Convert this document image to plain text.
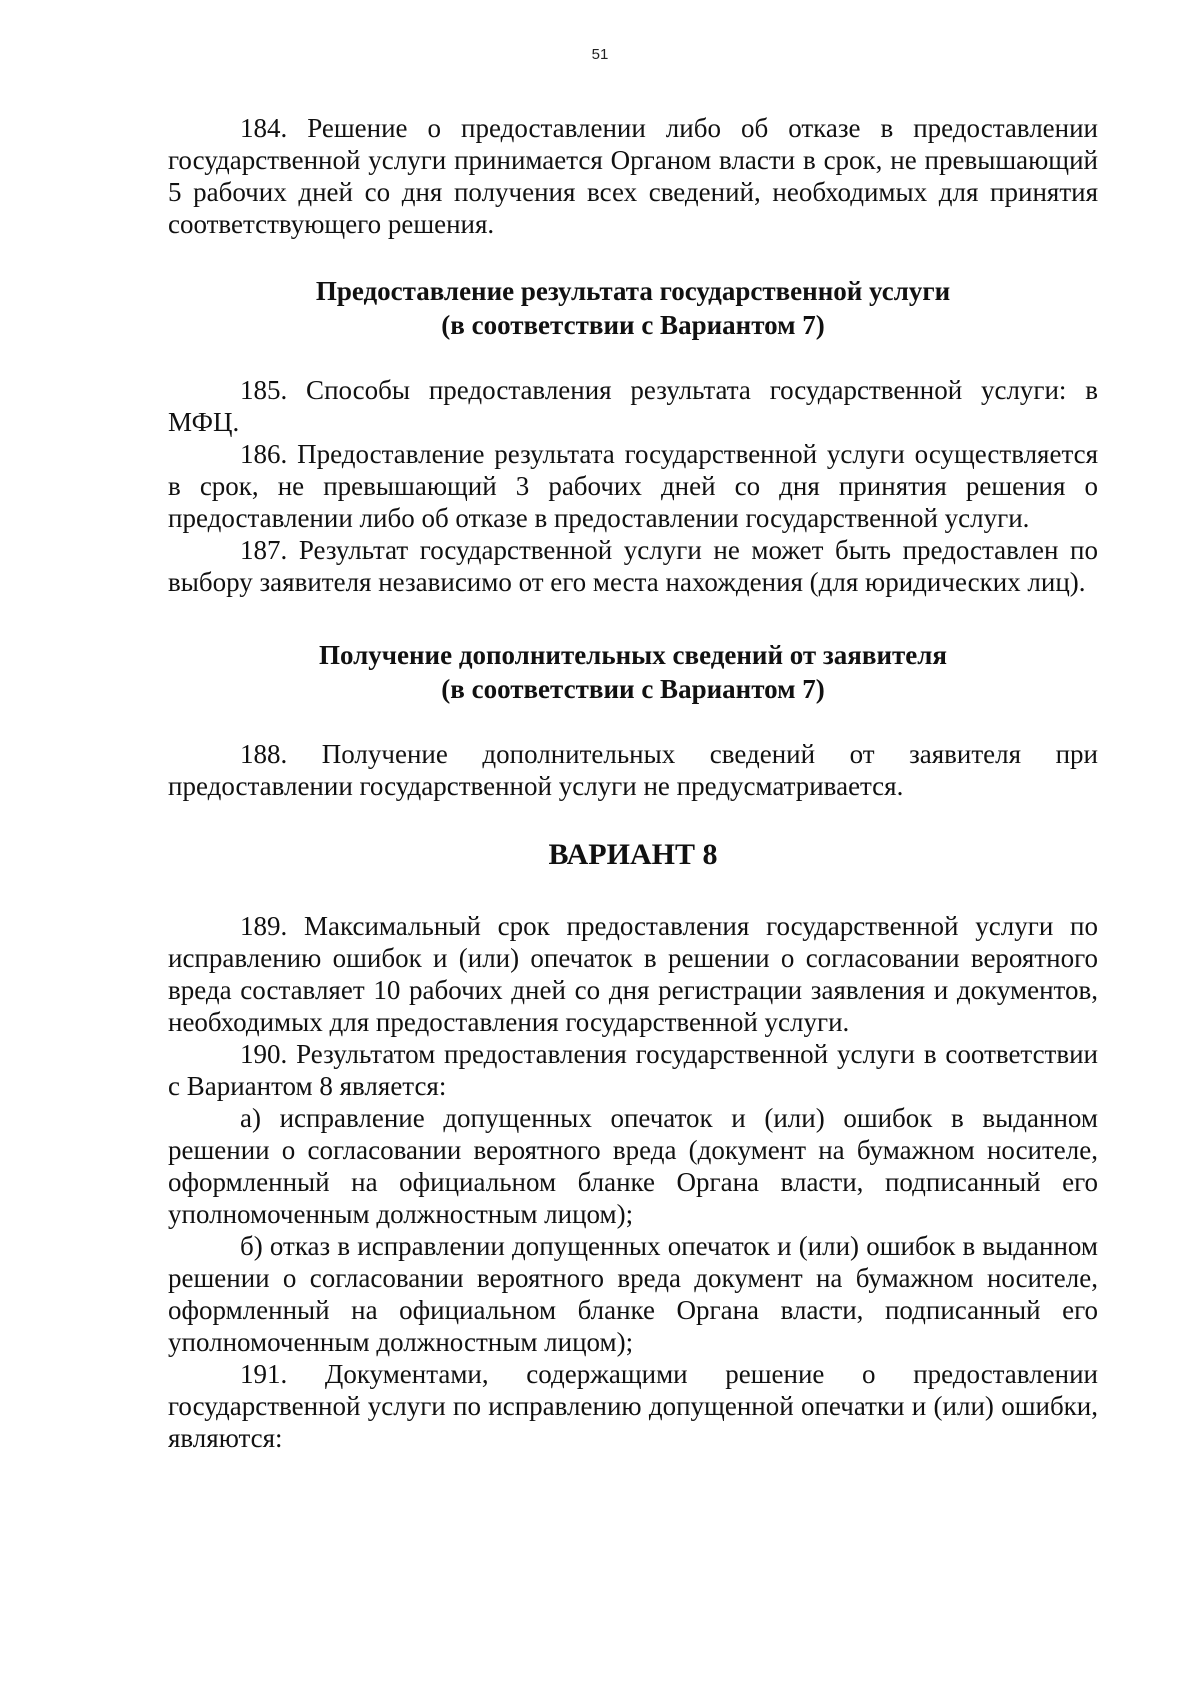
51

184. Решение о предоставлении либо об отказе в предоставлении государственной услуги принимается Органом власти в срок, не превышающий 5 рабочих дней со дня получения всех сведений, необходимых для принятия соответствующего решения.

Предоставление результата государственной услуги

(в соответствии с Вариантом 7)

185. Способы предоставления результата государственной услуги: в МФЦ.

186. Предоставление результата государственной услуги осуществляется в срок, не превышающий 3 рабочих дней со дня принятия решения о предоставлении либо об отказе в предоставлении государственной услуги.

187. Результат государственной услуги не может быть предоставлен по выбору заявителя независимо от его места нахождения (для юридических лиц).

Получение дополнительных сведений от заявителя

(в соответствии с Вариантом 7)

188. Получение дополнительных сведений от заявителя при предоставлении государственной услуги не предусматривается.

ВАРИАНТ 8

189. Максимальный срок предоставления государственной услуги по исправлению ошибок и (или) опечаток в решении о согласовании вероятного вреда составляет 10 рабочих дней со дня регистрации заявления и документов, необходимых для предоставления государственной услуги.

190. Результатом предоставления государственной услуги в соответствии с Вариантом 8 является:

а) исправление допущенных опечаток и (или) ошибок в выданном решении о согласовании вероятного вреда (документ на бумажном носителе, оформленный на официальном бланке Органа власти, подписанный его уполномоченным должностным лицом);

б) отказ в исправлении допущенных опечаток и (или) ошибок в выданном решении о согласовании вероятного вреда документ на бумажном носителе, оформленный на официальном бланке Органа власти, подписанный его уполномоченным должностным лицом);

191. Документами, содержащими решение о предоставлении государственной услуги по исправлению допущенной опечатки и (или) ошибки, являются:
